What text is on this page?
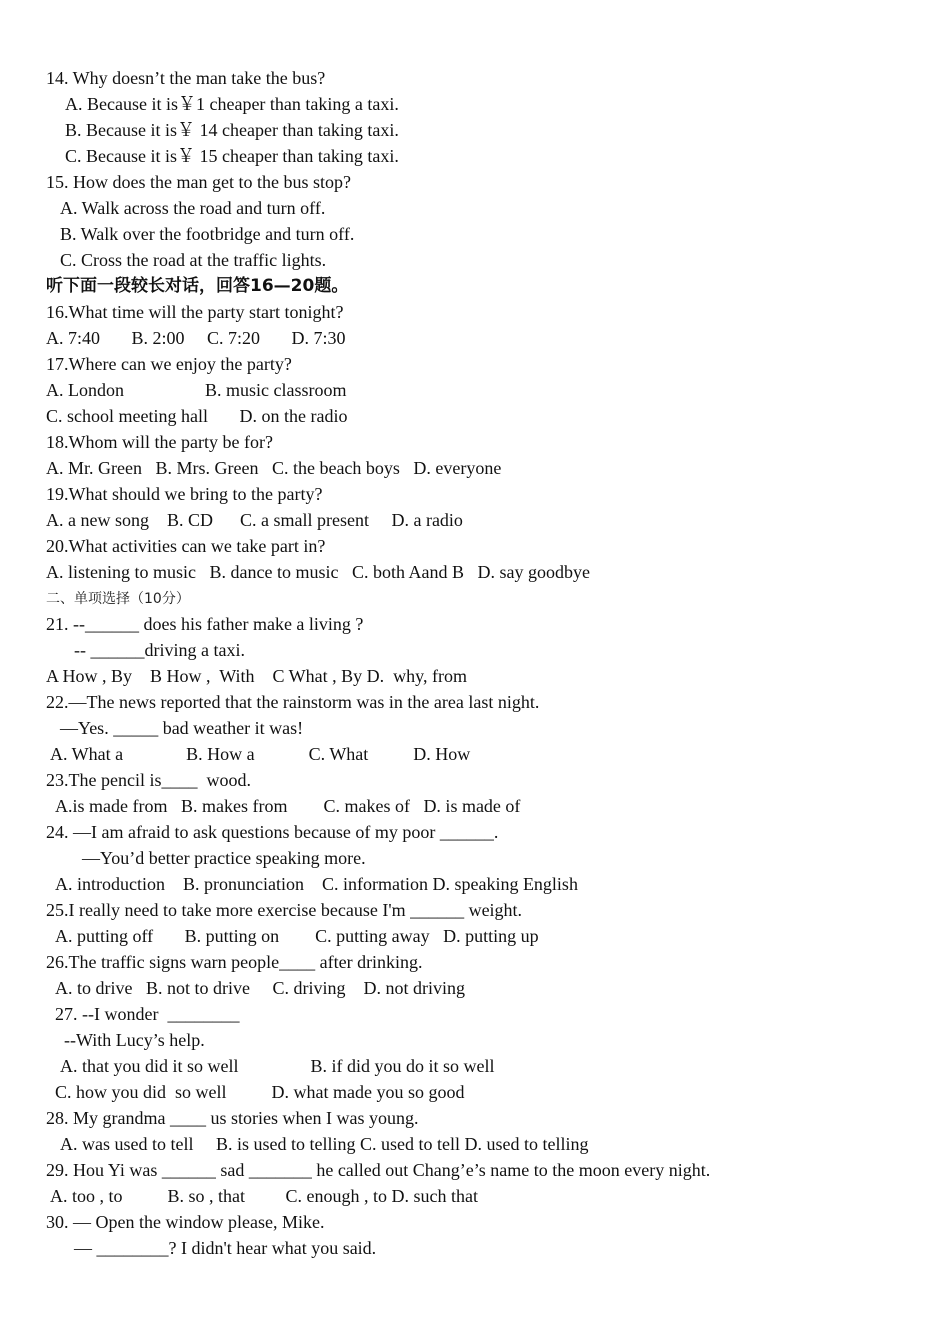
14. Why doesn’t the man take the bus?
A. Because it is￥1 cheaper than taking a taxi.
B. Because it is￥ 14 cheaper than taking taxi.
C. Because it is￥ 15 cheaper than taking taxi.
15. How does the man get to the bus stop?
A. Walk across the road and turn off.
B. Walk over the footbridge and turn off.
C. Cross the road at the traffic lights.
听下面一段较长对话，回答16—20题。
16.What time will the party start tonight?
A. 7:40       B. 2:00     C. 7:20       D. 7:30
17.Where can we enjoy the party?
A. London                  B. music classroom
C. school meeting hall       D. on the radio
18.Whom will the party be for?
A. Mr. Green   B. Mrs. Green   C. the beach boys   D. everyone
19.What should we bring to the party?
A. a new song    B. CD      C. a small present     D. a radio
20.What activities can we take part in?
A. listening to music   B. dance to music   C. both Aand B   D. say goodbye
二、单项选择（10分）
21. --______ does his father make a living ?
-- ______driving a taxi.
A How , By    B How ,  With    C What , By D.  why, from
22.—The news reported that the rainstorm was in the area last night.
—Yes. _____ bad weather it was!
A. What a              B. How a            C. What          D. How
23.The pencil is____  wood.
A.is made from   B. makes from        C. makes of   D. is made of
24. —I am afraid to ask questions because of my poor ______.
—You’d better practice speaking more.
A. introduction    B. pronunciation    C. information D. speaking English
25.I really need to take more exercise because I'm ______ weight.
A. putting off       B. putting on        C. putting away   D. putting up
26.The traffic signs warn people____ after drinking.
A. to drive   B. not to drive     C. driving    D. not driving
27. --I wonder  ________
--With Lucy’s help.
A. that you did it so well                B. if did you do it so well
C. how you did  so well          D. what made you so good
28. My grandma ____ us stories when I was young.
A. was used to tell     B. is used to telling C. used to tell D. used to telling
29. Hou Yi was ______ sad _______ he called out Chang’e’s name to the moon every night.
A. too , to          B. so , that         C. enough , to D. such that
30. — Open the window please, Mike.
— ________? I didn't hear what you said.
